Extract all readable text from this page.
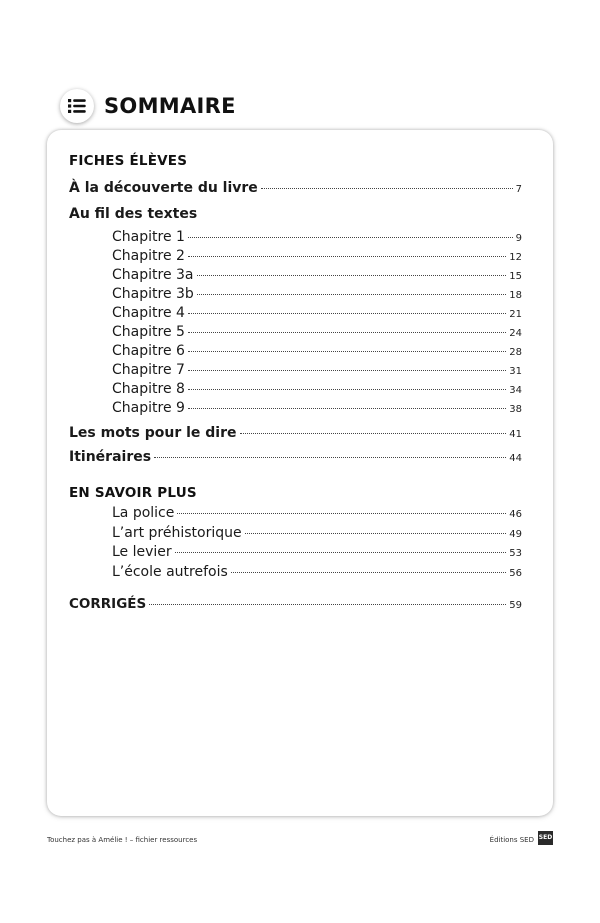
SOMMAIRE
FICHES ÉLÈVES
À la découverte du livre	7
Au fil des textes
Chapitre 1	9
Chapitre 2	12
Chapitre 3a	15
Chapitre 3b	18
Chapitre 4	21
Chapitre 5	24
Chapitre 6	28
Chapitre 7	31
Chapitre 8	34
Chapitre 9	38
Les mots pour le dire	41
Itinéraires	44
EN SAVOIR PLUS
La police	46
L’art préhistorique	49
Le levier	53
L’école autrefois	56
CORRIGÉS	59
Touchez pas à Amélie ! – fichier ressources	Éditions SED SED
